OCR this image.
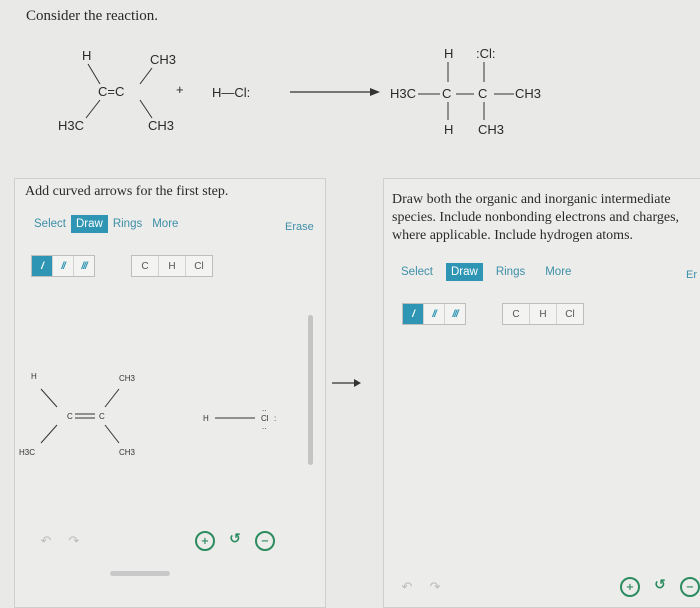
Consider the reaction.
H	CH3
C=C
H3C	CH3
+ H—Cl:
H :Cl:
H3C	CH3
H CH3
C C
Add curved arrows for the first step.
Select Draw Rings More	Erase
/ // ///	C	H	Cl
H	CH3
C	C
H3C	CH3
H	Cl :
..
..
↶	↷	+	↺	−
Draw both the organic and inorganic intermediate
species. Include nonbonding electrons and charges,
where applicable. Include hydrogen atoms.
Select	Draw	Rings	More	Er
/ // ///	C	H	Cl
↶	↷	+	↺	−
